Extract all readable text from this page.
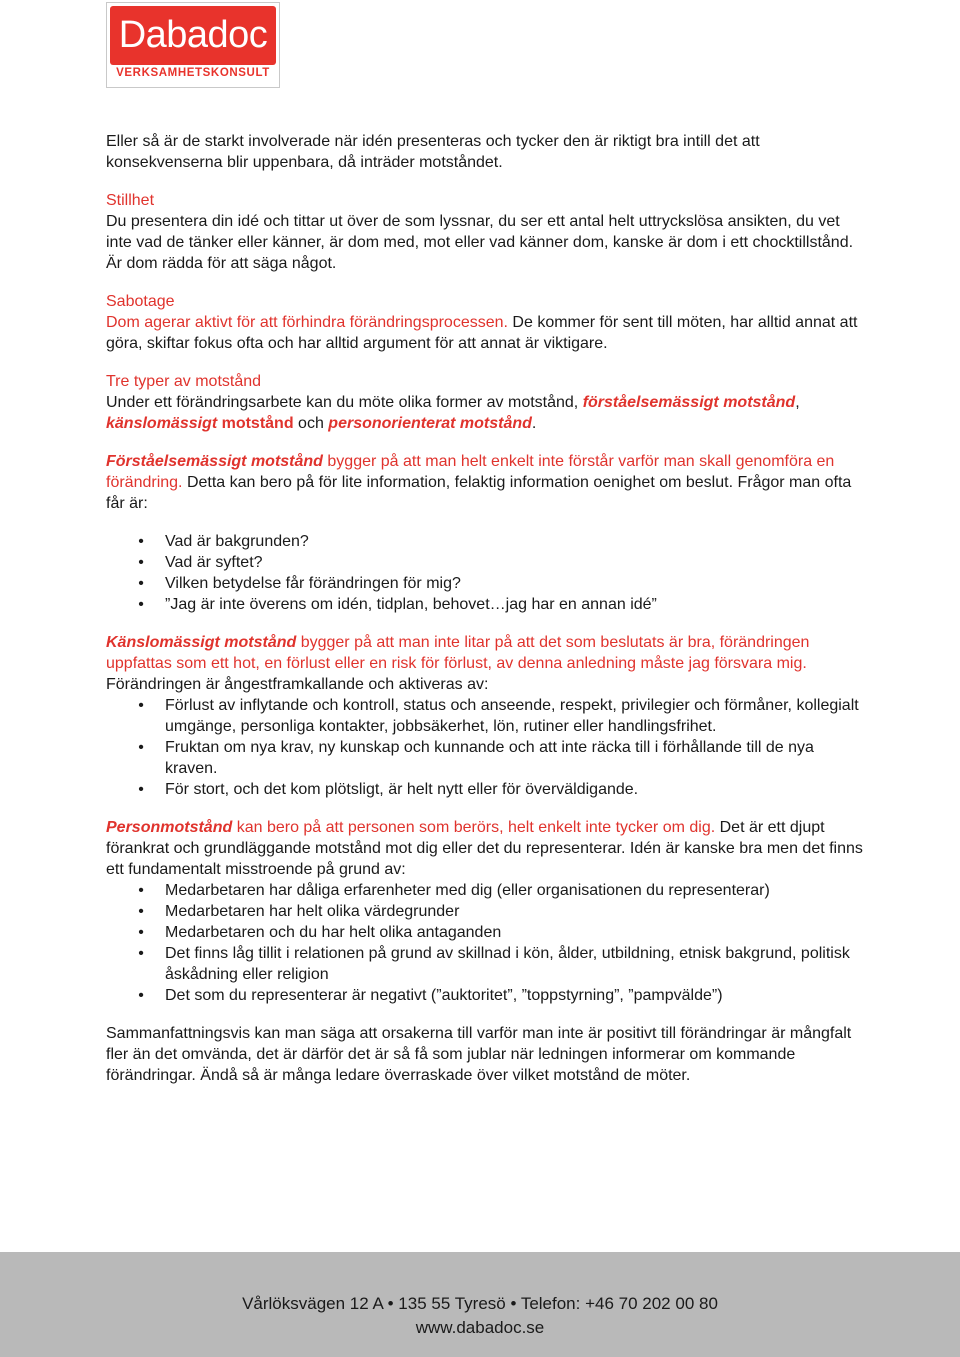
Dabadoc
VERKSAMHETSKONSULT

Eller så är de starkt involverade när idén presenteras och tycker den är riktigt bra intill det att konsekvenserna blir uppenbara, då inträder motståndet.

Stillhet
Du presentera din idé och tittar ut över de som lyssnar, du ser ett antal helt uttryckslösa ansikten, du vet inte vad de tänker eller känner, är dom med, mot eller vad känner dom, kanske är dom i ett chocktillstånd. Är dom rädda för att säga något.

Sabotage
Dom agerar aktivt för att förhindra förändringsprocessen. De kommer för sent till möten, har alltid annat att göra, skiftar fokus ofta och har alltid argument för att annat är viktigare.

Tre typer av motstånd
Under ett förändringsarbete kan du möte olika former av motstånd, förståelsemässigt motstånd, känslomässigt motstånd och personorienterat motstånd.

Förståelsemässigt motstånd bygger på att man helt enkelt inte förstår varför man skall genomföra en förändring. Detta kan bero på för lite information, felaktig information oenighet om beslut. Frågor man ofta får är:

• Vad är bakgrunden?
• Vad är syftet?
• Vilken betydelse får förändringen för mig?
• ”Jag är inte överens om idén, tidplan, behovet…jag har en annan idé”

Känslomässigt motstånd bygger på att man inte litar på att det som beslutats är bra, förändringen uppfattas som ett hot, en förlust eller en risk för förlust, av denna anledning måste jag försvara mig. Förändringen är ångestframkallande och aktiveras av:

• Förlust av inflytande och kontroll, status och anseende, respekt, privilegier och förmåner, kollegialt umgänge, personliga kontakter, jobbsäkerhet, lön, rutiner eller handlingsfrihet.
• Fruktan om nya krav, ny kunskap och kunnande och att inte räcka till i förhållande till de nya kraven.
• För stort, och det kom plötsligt, är helt nytt eller för överväldigande.

Personmotstånd kan bero på att personen som berörs, helt enkelt inte tycker om dig. Det är ett djupt förankrat och grundläggande motstånd mot dig eller det du representerar. Idén är kanske bra men det finns ett fundamentalt misstroende på grund av:

• Medarbetaren har dåliga erfarenheter med dig (eller organisationen du representerar)
• Medarbetaren har helt olika värdegrunder
• Medarbetaren och du har helt olika antaganden
• Det finns låg tillit i relationen på grund av skillnad i kön, ålder, utbildning, etnisk bakgrund, politisk åskådning eller religion
• Det som du representerar är negativt (”auktoritet”, ”toppstyrning”, ”pampvälde”)

Sammanfattningsvis kan man säga att orsakerna till varför man inte är positivt till förändringar är mångfalt fler än det omvända, det är därför det är så få som jublar när ledningen informerar om kommande förändringar. Ändå så är många ledare överraskade över vilket motstånd de möter.

Vårlöksvägen 12 A • 135 55 Tyresö • Telefon: +46 70 202 00 80
www.dabadoc.se
